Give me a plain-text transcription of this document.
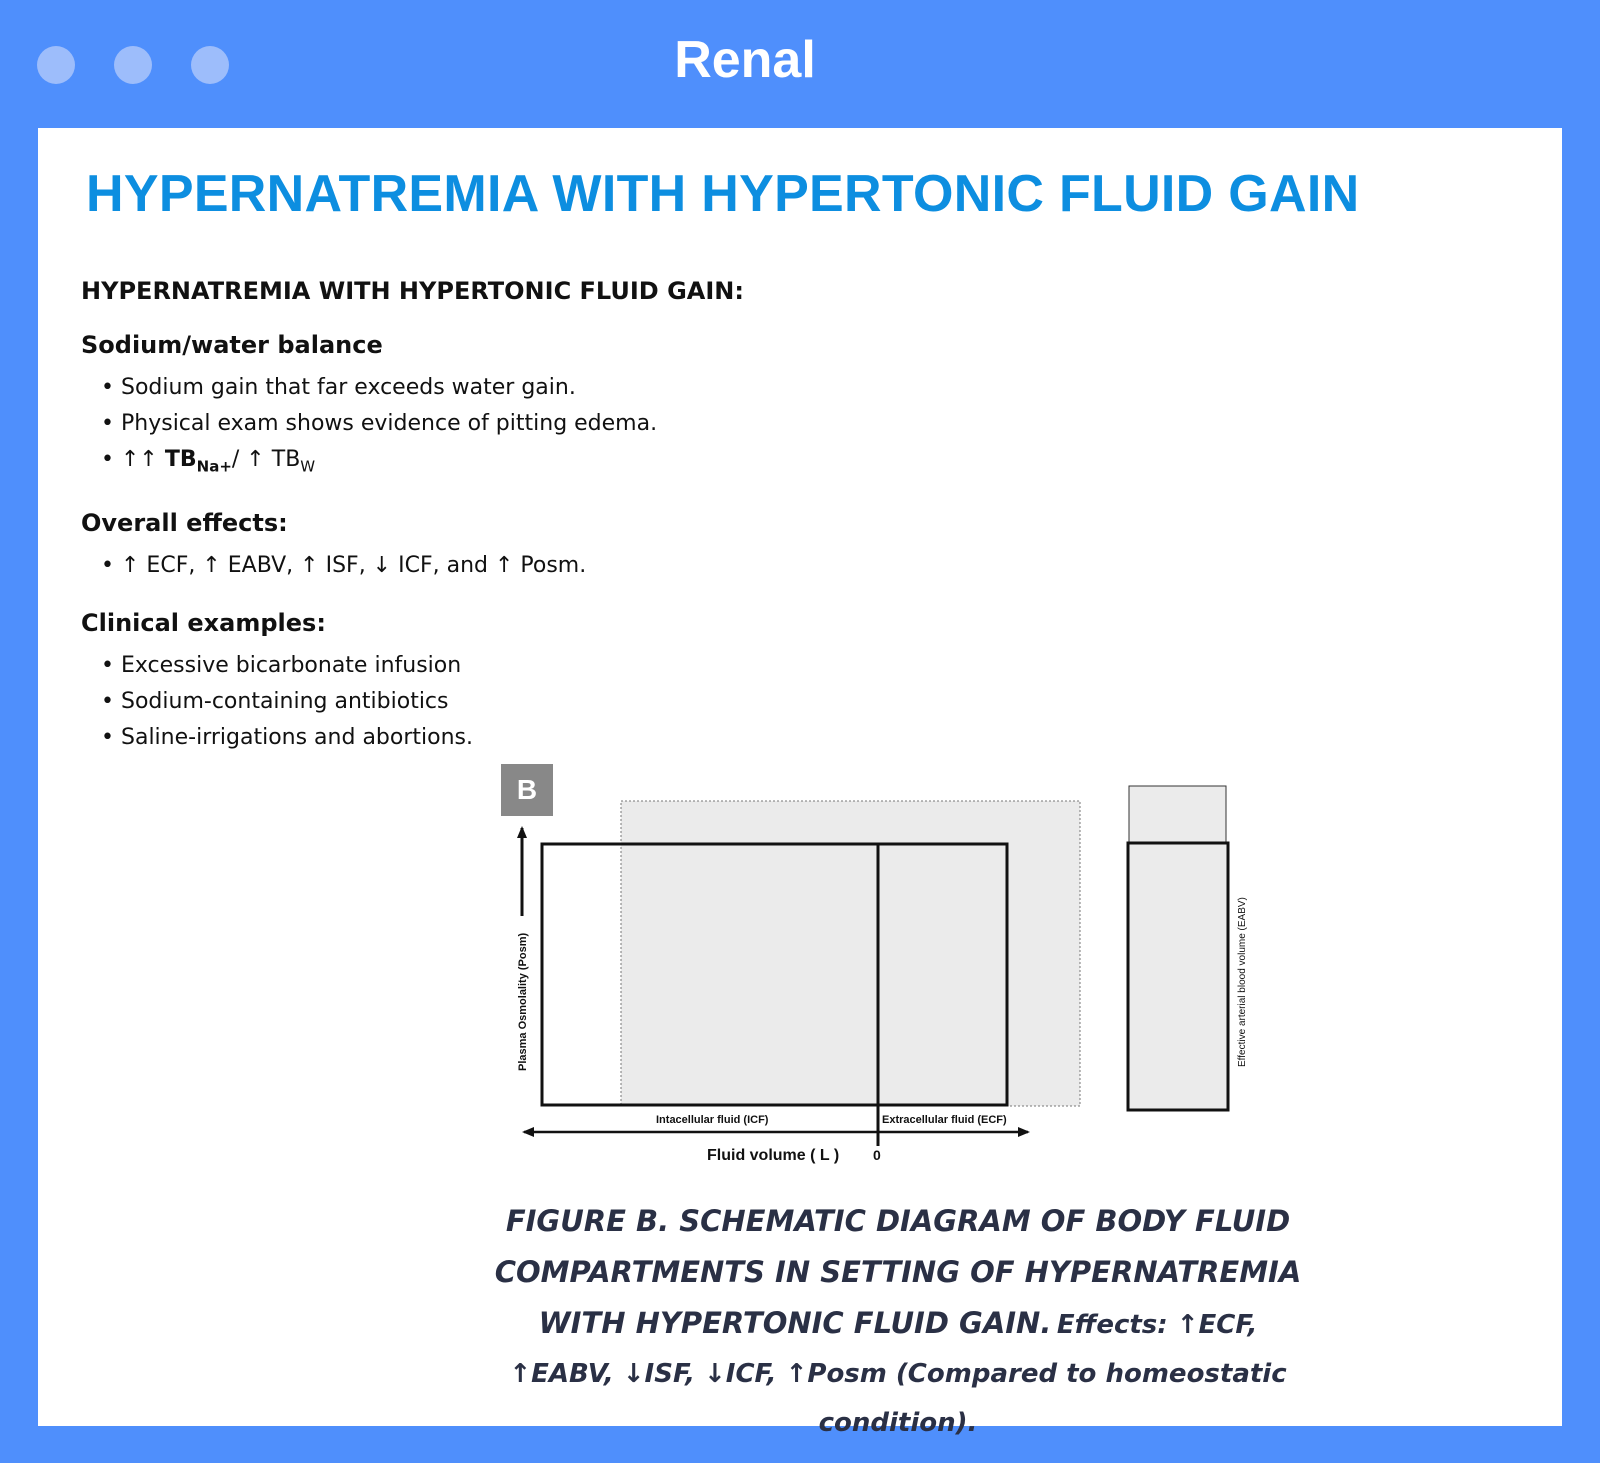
Renal
HYPERNATREMIA WITH HYPERTONIC FLUID GAIN
HYPERNATREMIA WITH HYPERTONIC FLUID GAIN:
Sodium/water balance
• Sodium gain that far exceeds water gain.
• Physical exam shows evidence of pitting edema.
• ↑↑ $TB_{Na+}/$ ↑ $TB_W$
Overall effects:
• ↑ ECF, ↑ EABV, ↑ ISF, ↓ ICF, and ↑ Posm.
Clinical examples:
• Excessive bicarbonate infusion
• Sodium-containing antibiotics
• Saline-irrigations and abortions.
B
Plasma Osmolality (Posm)
Intacellular fluid (ICF)	Extracellular fluid (ECF)
Fluid volume ( L ) 0
Effective arterial blood volume (EABV)
FIGURE B. SCHEMATIC DIAGRAM OF BODY FLUID COMPARTMENTS IN SETTING OF HYPERNATREMIA WITH HYPERTONIC FLUID GAIN. Effects: ↑ECF, ↑EABV, ↓ISF, ↓ICF, ↑Posm (Compared to homeostatic condition).
